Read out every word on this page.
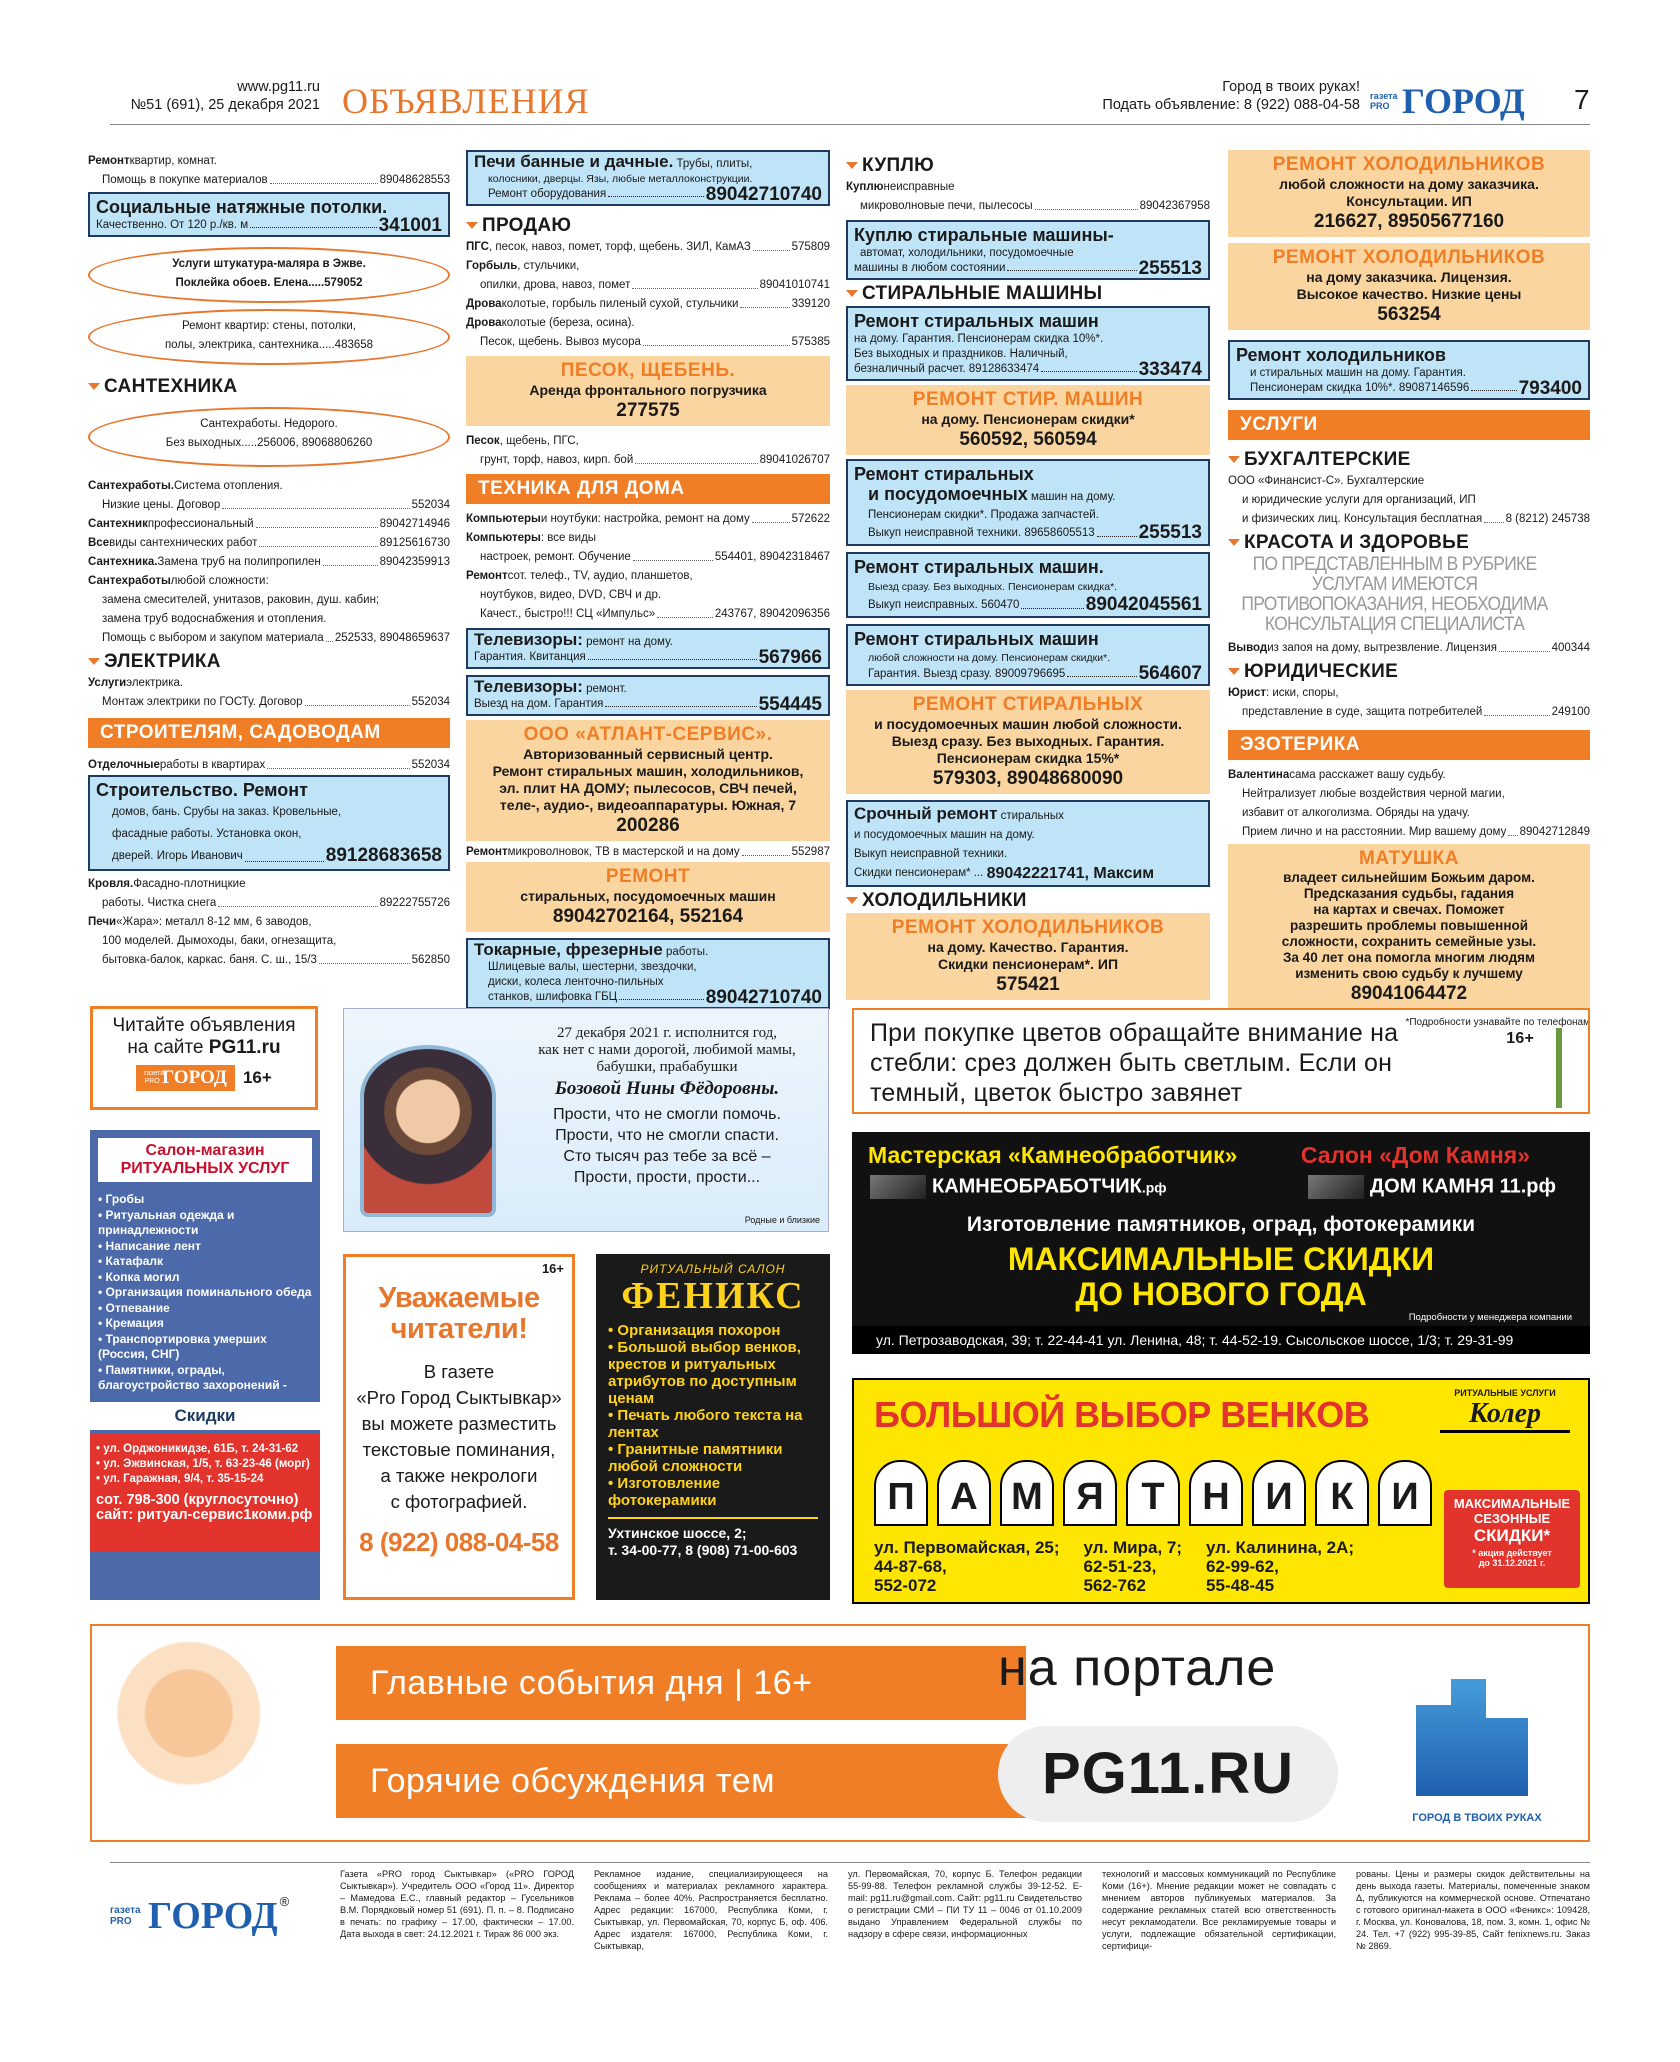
www.pg11.ru
№51 (691), 25 декабря 2021 ОБЪЯВЛЕНИЯ	Город в твоих руках!
Подать объявление: 8 (922) 088-04-58
газета PRO ГОРОД 7
Ремонт квартир, комнат.
Помощь в покупке материалов	89048628553
Социальные натяжные потолки.
Качественно. От 120 р./кв. м	341001
Услуги штукатура-маляра в Эжве.
Поклейка обоев. Елена.....579052
Ремонт квартир: стены, потолки,
полы, электрика, сантехника.....483658
САНТЕХНИКА
Сантехработы. Недорого.
Без выходных.....256006, 89068806260
Сантехработы. Система отопления.
Низкие цены. Договор	552034
Сантехник профессиональный	89042714946
Все виды сантехнических работ	89125616730
Сантехника. Замена труб на полипропилен	89042359913
Сантехработы любой сложности:
замена смесителей, унитазов, раковин, душ. кабин;
замена труб водоснабжения и отопления.
Помощь с выбором и закупом материала 252533, 89048659637
ЭЛЕКТРИКА
Услуги электрика.
Монтаж электрики по ГОСТу. Договор	552034
СТРОИТЕЛЯМ, САДОВОДАМ
Отделочные работы в квартирах	552034
Строительство. Ремонт
домов, бань. Срубы на заказ. Кровельные,
фасадные работы. Установка окон,
дверей. Игорь Иванович	89128683658
Кровля. Фасадно-плотницкие
работы. Чистка снега	89222755726
Печи «Жара»: металл 8-12 мм, 6 заводов,
100 моделей. Дымоходы, баки, огнезащита,
бытовка-балок, каркас. баня. С. ш., 15/3	562850
Печи банные и дачные. Трубы, плиты,
колосники, дверцы. Язы, любые металлоконструкции.
Ремонт оборудования	89042710740
ПРОДАЮ
ПГС , песок, навоз, помет, торф, щебень. ЗИЛ, КамАЗ	575809
Горбыль , стульчики,
опилки, дрова, навоз, помет	89041010741
Дрова колотые, горбыль пиленый сухой, стульчики	339120
Дрова колотые (береза, осина).
Песок, щебень. Вывоз мусора	575385
ПЕСОК, ЩЕБЕНЬ.
Аренда фронтального погрузчика
277575
Песок , щебень, ПГС,
грунт, торф, навоз, кирп. бой	89041026707
ТЕХНИКА ДЛЯ ДОМА
Компьютеры и ноутбуки: настройка, ремонт на дому	572622
Компьютеры : все виды
настроек, ремонт. Обучение	554401, 89042318467
Ремонт сот. телеф., TV, аудио, планшетов,
ноутбуков, видео, DVD, СВЧ и др.
Качест., быстро!!! СЦ «Импульс»	243767, 89042096356
Телевизоры: ремонт на дому.
Гарантия. Квитанция	567966
Телевизоры: ремонт.
Выезд на дом. Гарантия	554445
ООО «АТЛАНТ-СЕРВИС».
Авторизованный сервисный центр.
Ремонт стиральных машин, холодильников,
эл. плит НА ДОМУ; пылесосов, СВЧ печей,
теле-, аудио-, видеоаппаратуры. Южная, 7
200286
Ремонт микроволновок, ТВ в мастерской и на дому	552987
РЕМОНТ
стиральных, посудомоечных машин
89042702164, 552164
Токарные, фрезерные работы.
Шлицевые валы, шестерни, звездочки,
диски, колеса ленточно-пильных
станков, шлифовка ГБЦ	89042710740
КУПЛЮ
Куплю неисправные
микроволновые печи, пылесосы	89042367958
Куплю стиральные машины-
автомат, холодильники, посудомоечные
машины в любом состоянии	255513
СТИРАЛЬНЫЕ МАШИНЫ
Ремонт стиральных машин
на дому. Гарантия. Пенсионерам скидка 10%*.
Без выходных и праздников. Наличный,
безналичный расчет. 89128633474	333474
РЕМОНТ СТИР. МАШИН
на дому. Пенсионерам скидки*
560592, 560594
Ремонт стиральных
и посудомоечных машин на дому.
Пенсионерам скидки*. Продажа запчастей.
Выкуп неисправной техники. 89658605513 255513
Ремонт стиральных машин.
Выезд сразу. Без выходных. Пенсионерам скидка*.
Выкуп неисправных. 560470	89042045561
Ремонт стиральных машин
любой сложности на дому. Пенсионерам скидки*.
Гарантия. Выезд сразу. 89009796695	564607
РЕМОНТ СТИРАЛЬНЫХ
и посудомоечных машин любой сложности.
Выезд сразу. Без выходных. Гарантия.
Пенсионерам скидка 15%*
579303, 89048680090
Срочный ремонт стиральных
и посудомоечных машин на дому.
Выкуп неисправной техники.
Скидки пенсионерам* ... 89042221741, Максим
ХОЛОДИЛЬНИКИ
РЕМОНТ ХОЛОДИЛЬНИКОВ
на дому. Качество. Гарантия.
Скидки пенсионерам*. ИП
575421
РЕМОНТ ХОЛОДИЛЬНИКОВ
любой сложности на дому заказчика.
Консультации. ИП
216627, 89505677160
РЕМОНТ ХОЛОДИЛЬНИКОВ
на дому заказчика. Лицензия.
Высокое качество. Низкие цены
563254
Ремонт холодильников
и стиральных машин на дому. Гарантия.
Пенсионерам скидка 10%*. 89087146596	793400
УСЛУГИ
БУХГАЛТЕРСКИЕ
ООО «Финансист-С». Бухгалтерские
и юридические услуги для организаций, ИП
и физических лиц. Консультация бесплатная 8 (8212) 245738
КРАСОТА И ЗДОРОВЬЕ
ПО ПРЕДСТАВЛЕННЫМ В РУБРИКЕ УСЛУГАМ ИМЕЮТСЯ ПРОТИВОПОКАЗАНИЯ, НЕОБХОДИМА КОНСУЛЬТАЦИЯ СПЕЦИАЛИСТА
Вывод из запоя на дому, вытрезвление. Лицензия	400344
ЮРИДИЧЕСКИЕ
Юрист : иски, споры,
представление в суде, защита потребителей	249100
ЭЗОТЕРИКА
Валентина сама расскажет вашу судьбу.
Нейтрализует любые воздействия черной магии,
избавит от алкоголизма. Обряды на удачу.
Прием лично и на расстоянии. Мир вашему дому 89042712849
МАТУШКА
владеет сильнейшим Божьим даром.
Предсказания судьбы, гадания
на картах и свечах. Поможет
разрешить проблемы повышенной
сложности, сохранить семейные узы.
За 40 лет она помогла многим людям
изменить свою судьбу к лучшему
89041064472
*Подробности узнавайте по телефонам
Читайте объявления
на сайте PG11.ru
газета PRO ГОРОД 16+
27 декабря 2021 г. исполнится год,
как нет с нами дорогой, любимой мамы,
бабушки, прабабушки
Бозовой Нины Фёдоровны.
Прости, что не смогли помочь.
Прости, что не смогли спасти.
Сто тысяч раз тебе за всё –
Прости, прости, прости...
Родные и близкие
При покупке цветов обращайте внимание на стебли: срез должен быть светлым. Если он темный, цветок быстро завянет
16+
Салон-магазин
РИТУАЛЬНЫХ УСЛУГ
• Гробы
• Ритуальная одежда и принадлежности
• Написание лент
• Катафалк
• Копка могил
• Организация поминального обеда
• Отпевание
• Кремация
• Транспортировка умерших (Россия, СНГ)
• Памятники, ограды, благоустройство захоронений -
Скидки
• ул. Орджоникидзе, 61Б, т. 24-31-62
• ул. Эжвинская, 1/5, т. 63-23-46 (морг)
• ул. Гаражная, 9/4, т. 35-15-24
сот. 798-300 (круглосуточно)
сайт: ритуал-сервис1коми.рф
16+
Уважаемые
читатели!
В газете
«Pro Город Сыктывкар»
вы можете разместить
текстовые поминания,
а также некрологи
с фотографией.
8 (922) 088-04-58
РИТУАЛЬНЫЙ САЛОН
ФЕНИКС
• Организация похорон
• Большой выбор венков, крестов и ритуальных атрибутов по доступным ценам
• Печать любого текста на лентах
• Гранитные памятники любой сложности
• Изготовление фотокерамики
Ухтинское шоссе, 2;
т. 34-00-77, 8 (908) 71-00-603
Мастерская «Камнеобработчик»	Салон «Дом Камня»
КАМНЕОБРАБОТЧИК.рф	ДОМ КАМНЯ 11.рф
Изготовление памятников, оград, фотокерамики
МАКСИМАЛЬНЫЕ СКИДКИ
ДО НОВОГО ГОДА
Подробности у менеджера компании
ул. Петрозаводская, 39; т. 22-44-41 ул. Ленина, 48; т. 44-52-19. Сысольское шоссе, 1/3; т. 29-31-99
БОЛЬШОЙ ВЫБОР ВЕНКОВ
РИТУАЛЬНЫЕ УСЛУГИ
Колер
П А М Я Т Н И К И	МАКСИМАЛЬНЫЕ
СЕЗОННЫЕ
СКИДКИ*
* акция действует
до 31.12.2021 г.
ул. Первомайская, 25;
44-87-68,
552-072
ул. Мира, 7;
62-51-23,
562-762
ул. Калинина, 2А;
62-99-62,
55-48-45
Главные события дня | 16+
Горячие обсуждения тем
на портале
PG11.RU
ГОРОД В ТВОИХ РУКАХ
газета PRO ГОРОД ®
Газета «PRO город Сыктывкар» («PRO ГОРОД Сыктывкар»). Учредитель ООО «Город 11». Директор – Мамедова Е.С., главный редактор – Гусельников В.М. Порядковый номер 51 (691). П. п. – 8. Подписано в печать: по графику – 17.00, фактически – 17.00. Дата выхода в свет: 24.12.2021 г. Тираж 86 000 экз.
Рекламное издание, специализирующееся на сообщениях и материалах рекламного характера. Реклама – более 40%. Распространяется бесплатно. Адрес редакции: 167000, Республика Коми, г. Сыктывкар, ул. Первомайская, 70, корпус Б, оф. 406. Адрес издателя: 167000, Республика Коми, г. Сыктывкар,
ул. Первомайская, 70, корпус Б. Телефон редакции 55-99-88. Телефон рекламной службы 39-12-52. E-mail: pg11.ru@gmail.com. Сайт: pg11.ru Свидетельство о регистрации СМИ – ПИ ТУ 11 – 0046 от 01.10.2009 выдано Управлением Федеральной службы по надзору в сфере связи, информационных
технологий и массовых коммуникаций по Республике Коми (16+). Мнение редакции может не совпадать с мнением авторов публикуемых материалов. За содержание рекламных статей всю ответственность несут рекламодатели. Все рекламируемые товары и услуги, подлежащие обязательной сертификации, сертифици-
рованы. Цены и размеры скидок действительны на день выхода газеты. Материалы, помеченные знаком Δ, публикуются на коммерческой основе. Отпечатано с готового оригинал-макета в ООО «Феникс»: 109428, г. Москва, ул. Коновалова, 18, пом. 3, комн. 1, офис № 24. Тел. +7 (922) 995-39-85, Сайт fenixnews.ru. Заказ № 2869.
